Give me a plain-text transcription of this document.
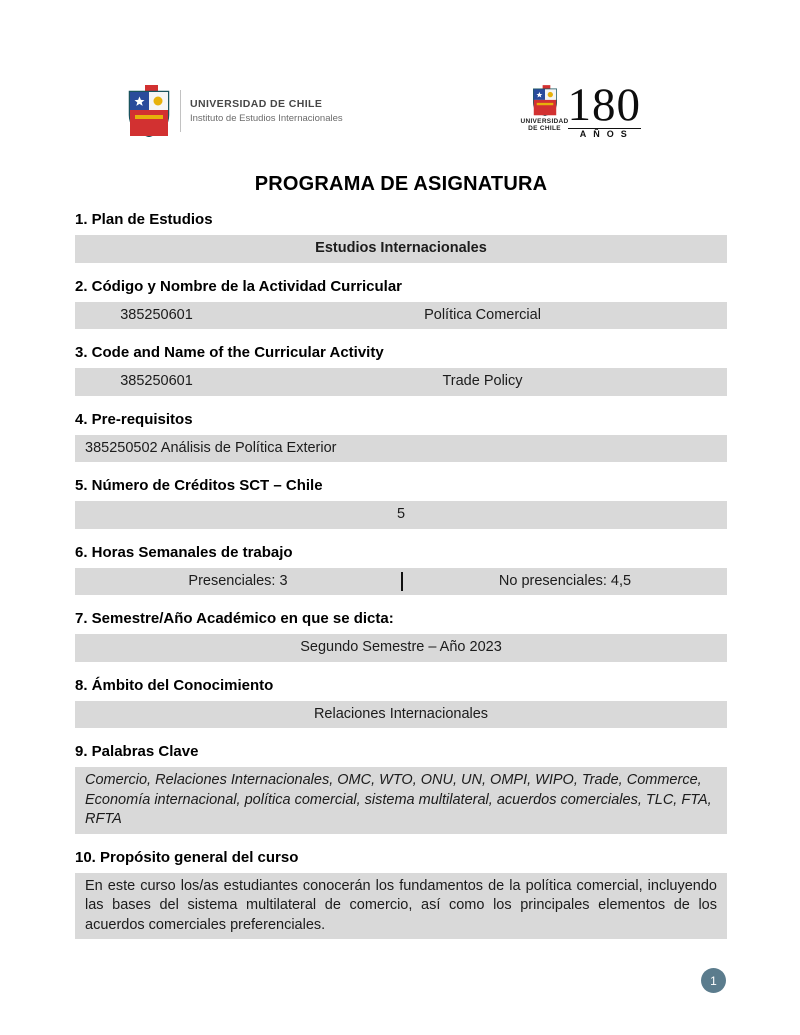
UNIVERSIDAD DE CHILE
Instituto de Estudios Internacionales	UNIVERSIDAD
DE CHILE 180
AÑOS
PROGRAMA DE ASIGNATURA
1. Plan de Estudios
Estudios Internacionales
2. Código y Nombre de la Actividad Curricular
385250601	Política Comercial
3. Code and Name of the Curricular Activity
385250601	Trade Policy
4. Pre-requisitos
385250502 Análisis de Política Exterior
5. Número de Créditos SCT – Chile
5
6. Horas Semanales de trabajo
Presenciales: 3	No presenciales: 4,5
7. Semestre/Año Académico en que se dicta:
Segundo Semestre – Año 2023
8. Ámbito del Conocimiento
Relaciones Internacionales
9. Palabras Clave
Comercio, Relaciones Internacionales, OMC, WTO, ONU, UN, OMPI, WIPO, Trade, Commerce, Economía internacional, política comercial, sistema multilateral, acuerdos comerciales, TLC, FTA, RFTA
10. Propósito general del curso
En este curso los/as estudiantes conocerán los fundamentos de la política comercial, incluyendo las bases del sistema multilateral de comercio, así como los principales elementos de los acuerdos comerciales preferenciales.
1
